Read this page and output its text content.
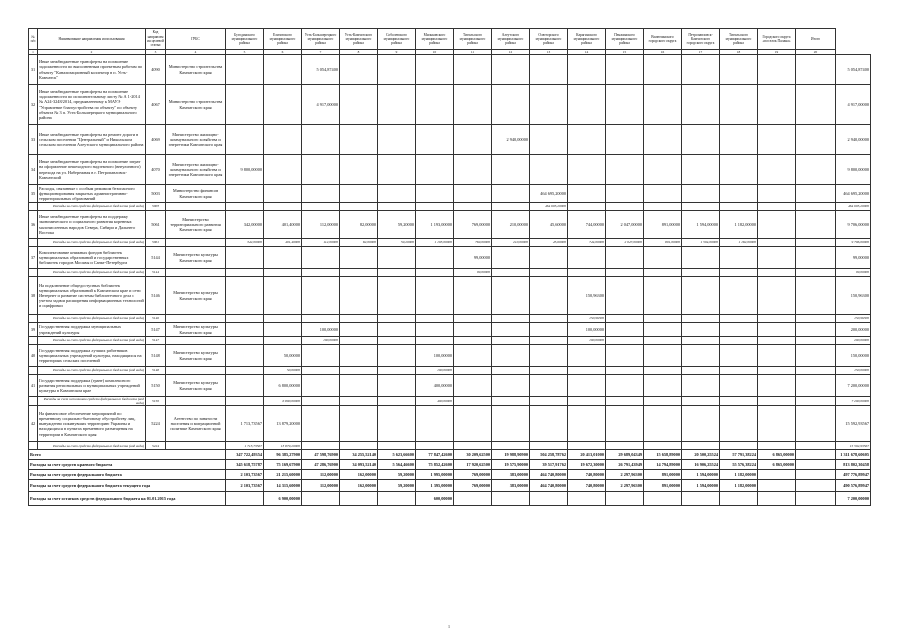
№ п/п	Наименование направления использования	Код направления целевой статьи	ГРБС	Бугодинского муниципального района	Елизовского муниципального района	Усть-Большерецкого муниципального района	Усть-Камчатского муниципального района	Соболевского муниципального района	Мильковского муниципального района	Тигильского муниципального района	Алеутского муниципального района	Олюторского муниципального района	Карагинского муниципального района	Пенжинского муниципального района	Вилючинского городского округа	Петропавловск-Камчатского городского округа	Тигильского муниципального района	Городского округа «поселок Палана»	Итого	
1	2	3	4	5	6	7	8	9	10	11	12	13	14	15	16	17	18	19	20	
31	Иные межбюджетные трансферты на погашение задолженности по выполненным проектным работам по объекту "Канализационный коллектор в п. Усть-Камчатск"	4090	Министерство строительства Камчатского края			5 054,87400														5 054,87400
32	Иные межбюджетные трансферты на погашение задолженности по исполнительному листу № А 1-2014 № А24-3248/2014, предъявленному к МАУЭ "Управление благоустройства по объекту" по объекту объекта № 3 п. Усть-Большерецкого муниципального района	4067	Министерство строительства Камчатского края			4 917,00000														4 917,00000
33	Иные межбюджетные трансферты на ремонт дороги в сельском поселении "Центральный" и Никольском сельском поселении Алеутского муниципального района	4069	Министерство жилищно-коммунального хозяйства и энергетики Камчатского края								2 940,00000									2 940,00000
34	Иные межбюджетные трансферты на погашение затрат на оформление пешеходного надземного (внеуличного) перехода на ул. Набережная в г. Петропавловск-Камчатский	4070	Министерство жилищно-коммунального хозяйства и энергетики Камчатского края	9 800,00000																9 800,00000
35	Расходы, связанные с особым режимом безопасного функционирования закрытых административно-территориальных образований	5003	Министерство финансов Камчатского края									464 695,20000								464 695,20000
	Расходы за счет средств федерального бюджета (код вида)	5003										464 695,20000								464 695,20000
36	Иные межбюджетные трансферты на поддержку экономического и социального развития коренных малочисленных народов Севера, Сибири и Дальнего Востока	5061	Министерство территориального развития Камчатского края	342,00000	401,40000	112,00000	82,00000	59,20000	1 193,00000	769,00000	210,00000	45,60000	744,00000	2 047,00000	891,00000	1 594,00000	1 182,00000			9 706,00000
	Расходы за счет средств федерального бюджета (код вида)	5061		342,00000	401,40000	112,00000	82,00000	59,20000	1 193,00000	769,00000	210,00000	45,60000	744,00000	2 047,00000	891,00000	1 594,00000	1 182,00000			9 706,00000
37	Комплектование книжных фондов библиотек муниципальных образований и государственных библиотек городов Москвы и Санкт-Петербурга	5144	Министерство культуры Камчатского края							99,00000										99,00000
	Расходы за счет средств федерального бюджета (код вида)	5144								99,00000										99,00000
38	На подключение общедоступных библиотек муниципальных образований к Камчатском крае и сети Интернет и развитие системы библиотечного дела с учетом задачи расширения информационных технологий и оцифровки	5146	Министерство культуры Камчатского края										150,96300							150,96300
	Расходы за счет средств федерального бюджета (код вида)	5146											150,96300							150,96300
39	Государственная поддержка муниципальных учреждений культуры	5147	Министерство культуры Камчатского края			100,00000							100,00000							200,00000
	Расходы за счет средств федерального бюджета (код вида)	5147				100,00000							100,00000							200,00000
40	Государственная поддержка лучших работников муниципальных учреждений культуры, находящихся на территориях сельских поселений	5148	Министерство культуры Камчатского края		50,00000				100,00000											150,00000
	Расходы за счет средств федерального бюджета (код вида)	5148			50,00000				100,00000											150,00000
41	Государственная поддержка (грант) комплексного развития региональных и муниципальных учреждений культуры в Камчатском крае	5150	Министерство культуры Камчатского края		6 800,00000				400,00000											7 200,00000
	Расходы за счет источников средств федерального бюджета (код вида)	5150			6 800,00000				400,00000											7 200,00000
42	На финансовое обеспечение мероприятий по временному социально-бытовому обустройству лиц, вынужденно покинувших территорию Украины и находящихся в пунктах временного размещения на территории в Камчатского края	5224	Агентство по занятости населения и миграционной политике Камчатского края	1 713,73567	13 879,20000															15 592,93567
	Расходы за счет средств федерального бюджета (код вида)	5224		1 713,73567	13 879,20000															15 592,93567
Всего				347 722,49354	96 385,27900	47 598,76900	34 255,52140	5 623,66600	77 847,42600	30 209,62500	19 988,90900	504 258,78762	20 413,01000	29 689,04349	15 658,89000	20 500,25524	57 791,38224	6 865,00000		1 311 678,60605
Расходы за счет средств краевого бюджета				345 618,75787	75 169,67900	47 286,76900	34 093,52140	5 564,46600	75 852,42600	17 920,62500	19 575,90000	39 517,91762	19 672,30000	26 791,43949	14 794,89000	16 906,25524	55 576,38224	6 865,00000		813 802,30458
Расходы за счет средств федерального бюджета				2 103,73567	21 215,60000	112,00000	162,00000	59,20000	1 995,00000	769,00000	383,00000	464 740,80000	740,80000	2 297,96300	891,00000	1 594,00000	1 182,00000			497 776,89947
Расходы за счет средств федерального бюджета текущего года				2 103,73567	14 315,60000	112,00000	162,00000	59,20000	1 395,00000	769,00000	383,00000	464 740,80000	740,80000	2 297,96300	891,00000	1 594,00000	1 182,00000			490 576,89947
Расходы за счет остатков средств федерального бюджета на 01.01.2015 года					6 900,00000				600,00000											7 200,00000
1
